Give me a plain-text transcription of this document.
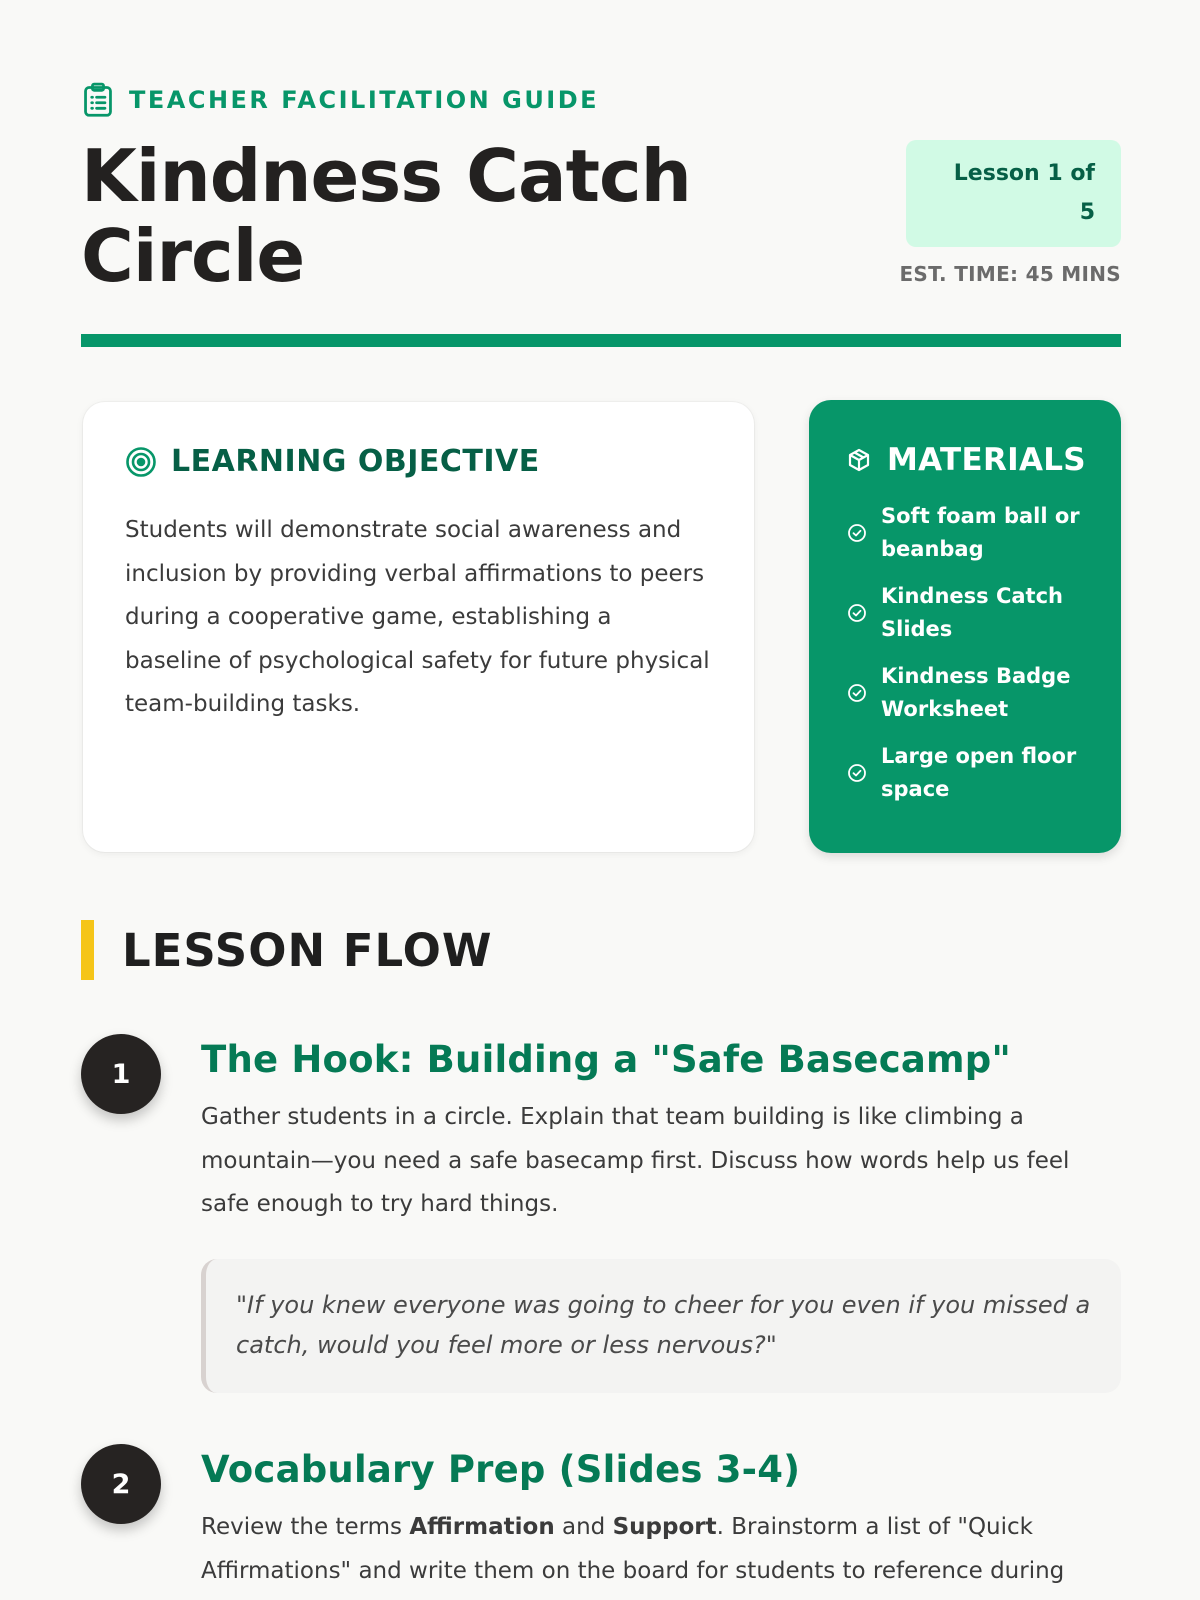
TEACHER FACILITATION GUIDE
Kindness Catch Circle
Lesson 1 of 5
EST. TIME: 45 MINS
LEARNING OBJECTIVE

Students will demonstrate social awareness and inclusion by providing verbal affirmations to peers during a cooperative game, establishing a baseline of psychological safety for future physical team-building tasks.

MATERIALS
Soft foam ball or beanbag
Kindness Catch Slides
Kindness Badge Worksheet
Large open floor space
LESSON FLOW
1	The Hook: Building a "Safe Basecamp"

Gather students in a circle. Explain that team building is like climbing a mountain—you need a safe basecamp first. Discuss how words help us feel safe enough to try hard things.

"If you knew everyone was going to cheer for you even if you missed a catch, would you feel more or less nervous?"
2	Vocabulary Prep (Slides 3-4)

Review the terms Affirmation and Support. Brainstorm a list of "Quick Affirmations" and write them on the board for students to reference during
